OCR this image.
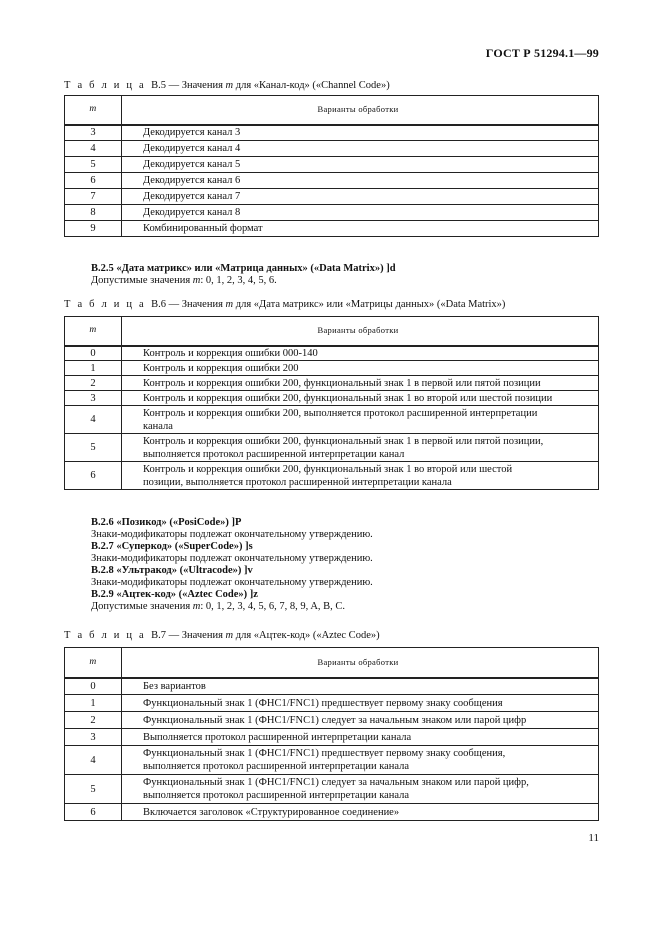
ГОСТ Р 51294.1—99
Т а б л и ц а В.5 — Значения m для «Канал-код» («Channel Code»)
m	Варианты обработки
3	Декодируется канал 3
4	Декодируется канал 4
5	Декодируется канал 5
6	Декодируется канал 6
7	Декодируется канал 7
8	Декодируется канал 8
9	Комбинированный формат
В.2.5 «Дата матрикс» или «Матрица данных» («Data Matrix») ]d
Допустимые значения m: 0, 1, 2, 3, 4, 5, 6.
Т а б л и ц а В.6 — Значения m для «Дата матрикс» или «Матрицы данных» («Data Matrix»)
m	Варианты обработки
0	Контроль и коррекция ошибки 000-140

1	Контроль и коррекция ошибки 200

2	Контроль и коррекция ошибки 200, функциональный знак 1 в первой или пятой позиции

3	Контроль и коррекция ошибки 200, функциональный знак 1 во второй или шестой позиции

4	Контроль и коррекция ошибки 200, выполняется протокол расширенной интерпретации
канала

5	Контроль и коррекция ошибки 200, функциональный знак 1 в первой или пятой позиции,
выполняется протокол расширенной интерпретации канал

6	Контроль и коррекция ошибки 200, функциональный знак 1 во второй или шестой
позиции, выполняется протокол расширенной интерпретации канала
В.2.6 «Позикод» («PosiCode») ]P
Знаки-модификаторы подлежат окончательному утверждению.
В.2.7 «Суперкод» («SuperCode») ]s
Знаки-модификаторы подлежат окончательному утверждению.
В.2.8 «Ультракод» («Ultracode») ]v
Знаки-модификаторы подлежат окончательному утверждению.
В.2.9 «Ацтек-код» («Aztec Code») ]z
Допустимые значения m: 0, 1, 2, 3, 4, 5, 6, 7, 8, 9, A, B, C.
Т а б л и ц а В.7 — Значения m для «Ацтек-код» («Aztec Code»)
m	Варианты обработки
0	Без вариантов

1	Функциональный знак 1 (ФНС1/FNC1) предшествует первому знаку сообщения

2	Функциональный знак 1 (ФНС1/FNC1) следует за начальным знаком или парой цифр

3	Выполняется протокол расширенной интерпретации канала

4	Функциональный знак 1 (ФНС1/FNC1) предшествует первому знаку сообщения,
выполняется протокол расширенной интерпретации канала

5	Функциональный знак 1 (ФНС1/FNC1) следует за начальным знаком или парой цифр,
выполняется протокол расширенной интерпретации канала

6	Включается заголовок «Структурированное соединение»
11
